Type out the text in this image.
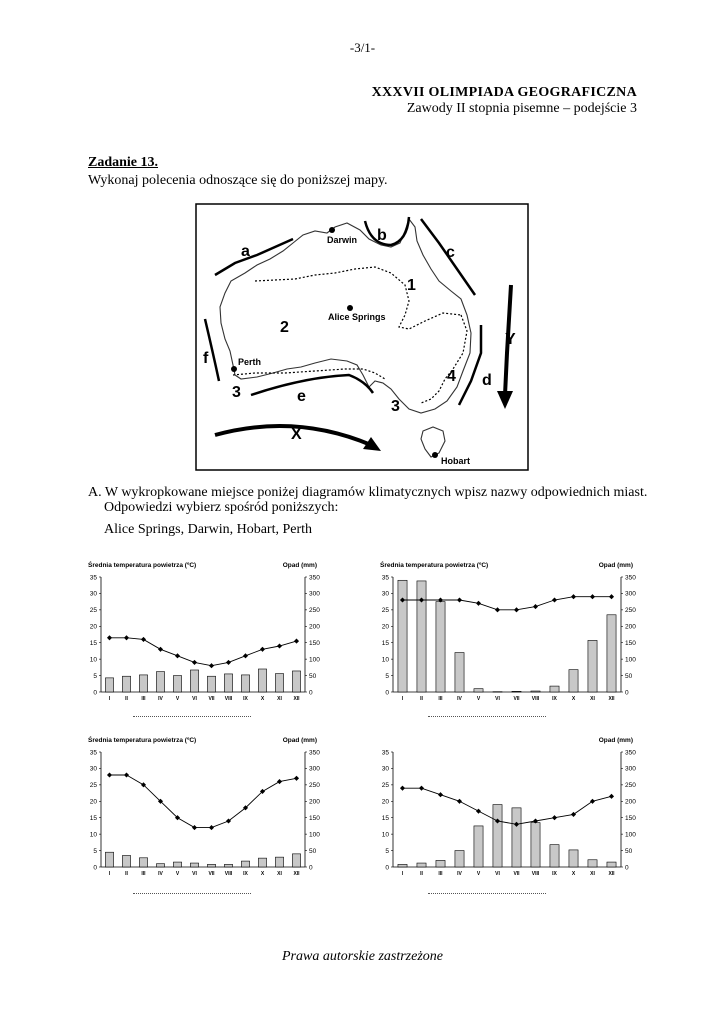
-3/1-
XXXVII OLIMPIADA GEOGRAFICZNA
Zawody II stopnia pisemne – podejście 3
Zadanie 13.
Wykonaj polecenia odnoszące się do poniższej mapy.
Darwin
Alice Springs
Perth
Hobart
a
b
c
d
e
f
1
2
3
3
4
X
Y
A. W wykropkowane miejsce poniżej diagramów klimatycznych wpisz nazwy odpowiednich miast.
Odpowiedzi wybierz spośród poniższych:
Alice Springs, Darwin, Hobart, Perth
Średnia temperatura powietrza (ºC)	Opad (mm)
35
30
25
20
15
10
5
0
350
300
250
200
150
100
50
0
I	II	III	IV	V	VI VII VIII IX	X	XI XII
Średnia temperatura powietrza (ºC)	Opad (mm)
35
30
25
20
15
10
5
0
350
300
250
200
150
100
50
0
I	II	III	IV	V	VI	VII VIII	IX	X	XI	XII
Średnia temperatura powietrza (ºC)	Opad (mm)
35
30
25
20
15
10
5
0
350
300
250
200
150
100
50
0
I	II	III	IV	V	VI VII VIII IX	X	XI XII
Opad (mm)
35
30
25
20
15
10
5
0
350
300
250
200
150
100
50
0
I	II	III	IV	V	VI	VII VIII	IX	X	XI	XII
Prawa autorskie zastrzeżone
